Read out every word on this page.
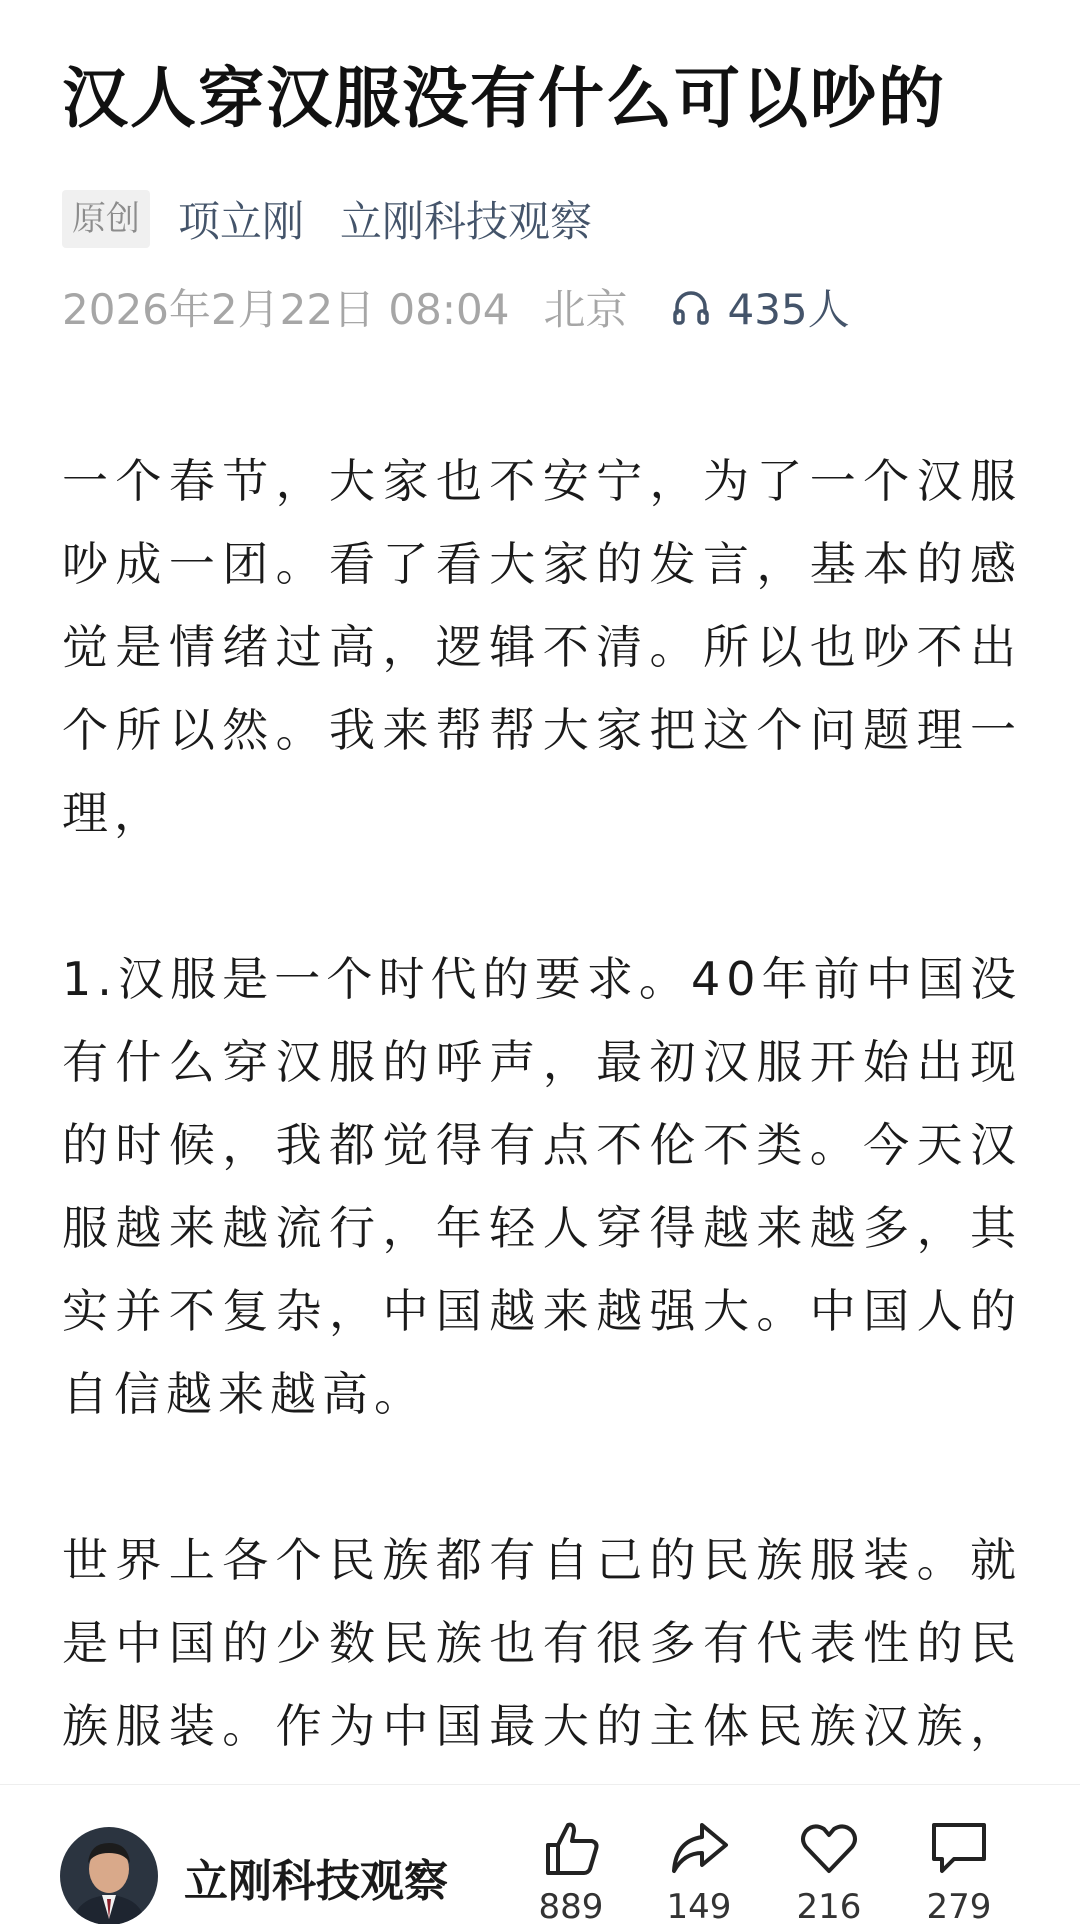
汉人穿汉服没有什么可以吵的
原创 项立刚 立刚科技观察
2026年2月22日 08:04 北京 435人

一个春节，大家也不安宁，为了一个汉服吵成一团。看了看大家的发言，基本的感觉是情绪过高，逻辑不清。所以也吵不出个所以然。我来帮帮大家把这个问题理一理，

1.汉服是一个时代的要求。40年前中国没有什么穿汉服的呼声，最初汉服开始出现的时候，我都觉得有点不伦不类。今天汉服越来越流行，年轻人穿得越来越多，其实并不复杂，中国越来越强大。中国人的自信越来越高。

世界上各个民族都有自己的民族服装。就是中国的少数民族也有很多有代表性的民族服装。作为中国最大的主体民族汉族，

立刚科技观察	889	149	216	279
